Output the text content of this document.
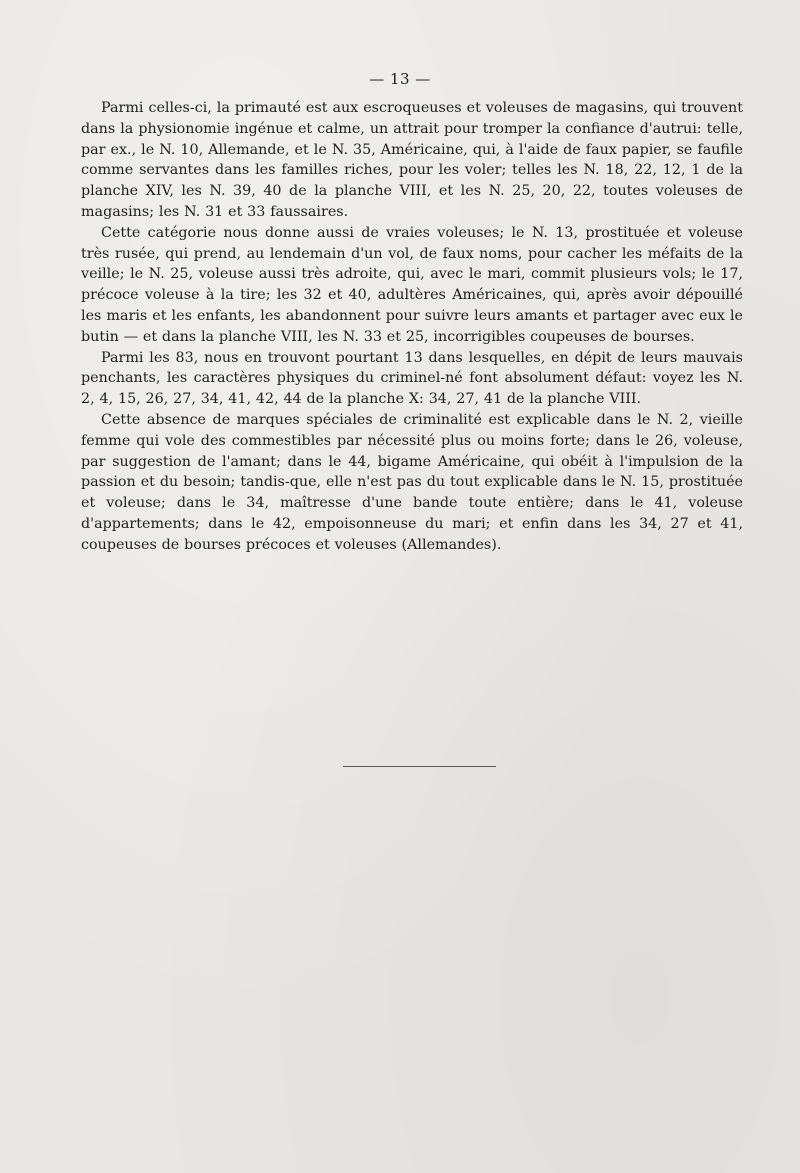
— 13 —

Parmi celles-ci, la primauté est aux escroqueuses et voleuses de magasins, qui trouvent dans la physionomie ingénue et calme, un attrait pour tromper la confiance d'autrui: telle, par ex., le N. 10, Allemande, et le N. 35, Américaine, qui, à l'aide de faux papier, se faufile comme servantes dans les familles riches, pour les voler; telles les N. 18, 22, 12, 1 de la planche XIV, les N. 39, 40 de la planche VIII, et les N. 25, 20, 22, toutes voleuses de magasins; les N. 31 et 33 faussaires.

Cette catégorie nous donne aussi de vraies voleuses; le N. 13, prostituée et voleuse très rusée, qui prend, au lendemain d'un vol, de faux noms, pour cacher les méfaits de la veille; le N. 25, voleuse aussi très adroite, qui, avec le mari, commit plusieurs vols; le 17, précoce voleuse à la tire; les 32 et 40, adultères Américaines, qui, après avoir dépouillé les maris et les enfants, les abandonnent pour suivre leurs amants et partager avec eux le butin — et dans la planche VIII, les N. 33 et 25, incorrigibles coupeuses de bourses.

Parmi les 83, nous en trouvont pourtant 13 dans lesquelles, en dépit de leurs mauvais penchants, les caractères physiques du criminel-né font absolument défaut: voyez les N. 2, 4, 15, 26, 27, 34, 41, 42, 44 de la planche X: 34, 27, 41 de la planche VIII.

Cette absence de marques spéciales de criminalité est explicable dans le N. 2, vieille femme qui vole des commestibles par nécessité plus ou moins forte; dans le 26, voleuse, par suggestion de l'amant; dans le 44, bigame Américaine, qui obéit à l'impulsion de la passion et du besoin; tandis-que, elle n'est pas du tout explicable dans le N. 15, prostituée et voleuse; dans le 34, maîtresse d'une bande toute entière; dans le 41, voleuse d'appartements; dans le 42, empoisonneuse du mari; et enfin dans les 34, 27 et 41, coupeuses de bourses précoces et voleuses (Allemandes).
